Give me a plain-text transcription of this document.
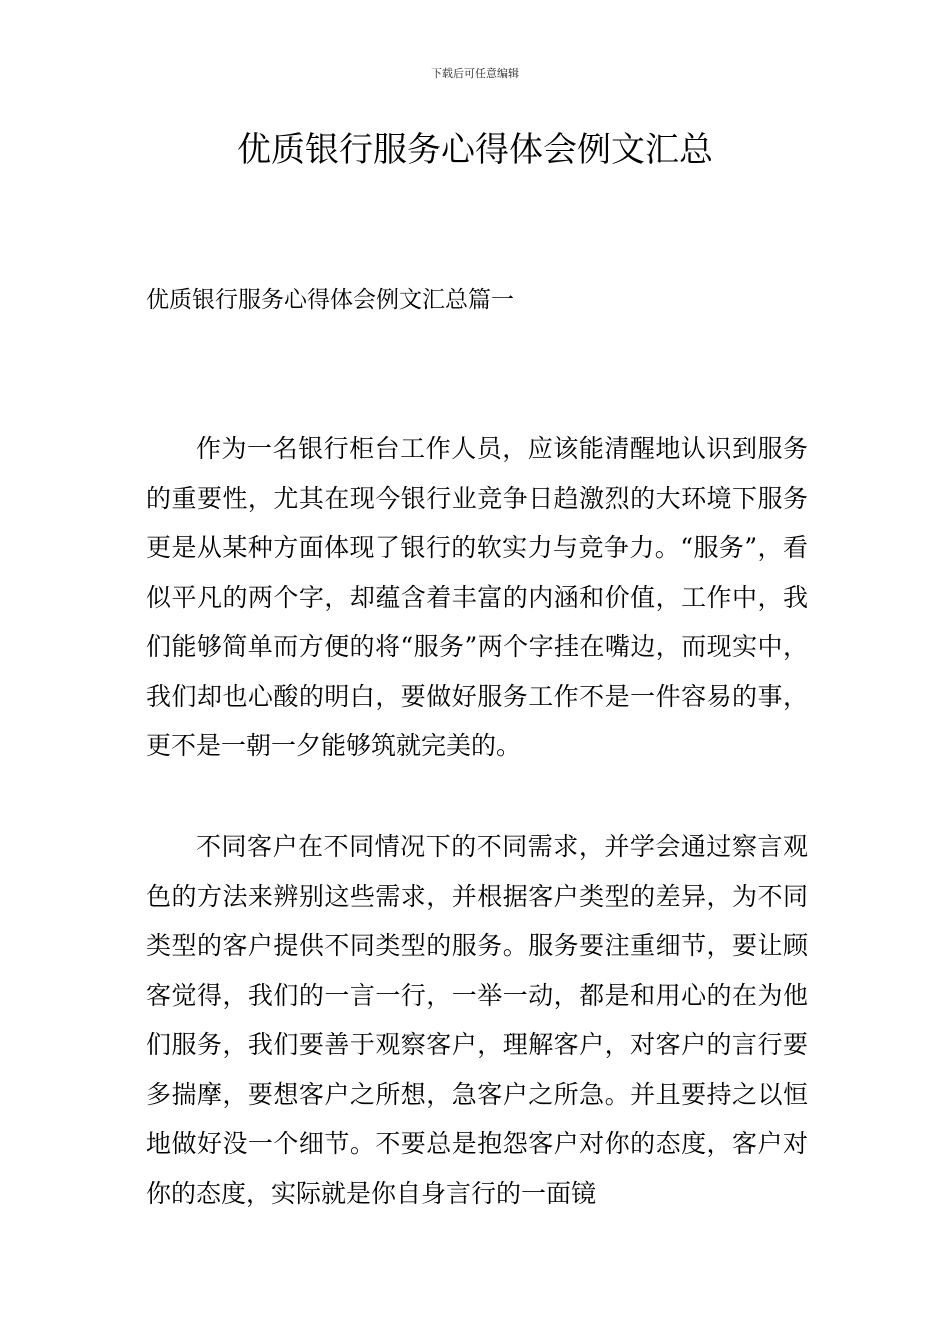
下载后可任意编辑
优质银行服务心得体会例文汇总
优质银行服务心得体会例文汇总篇一

作为一名银行柜台工作人员，应该能清醒地认识到服务的重要性，尤其在现今银行业竞争日趋激烈的大环境下服务更是从某种方面体现了银行的软实力与竞争力。“服务”，看似平凡的两个字，却蕴含着丰富的内涵和价值，工作中，我们能够简单而方便的将“服务”两个字挂在嘴边，而现实中，我们却也心酸的明白，要做好服务工作不是一件容易的事，更不是一朝一夕能够筑就完美的。

不同客户在不同情况下的不同需求，并学会通过察言观色的方法来辨别这些需求，并根据客户类型的差异，为不同类型的客户提供不同类型的服务。服务要注重细节，要让顾客觉得，我们的一言一行，一举一动，都是和用心的在为他们服务，我们要善于观察客户，理解客户，对客户的言行要多揣摩，要想客户之所想，急客户之所急。并且要持之以恒地做好没一个细节。不要总是抱怨客户对你的态度，客户对你的态度，实际就是你自身言行的一面镜
